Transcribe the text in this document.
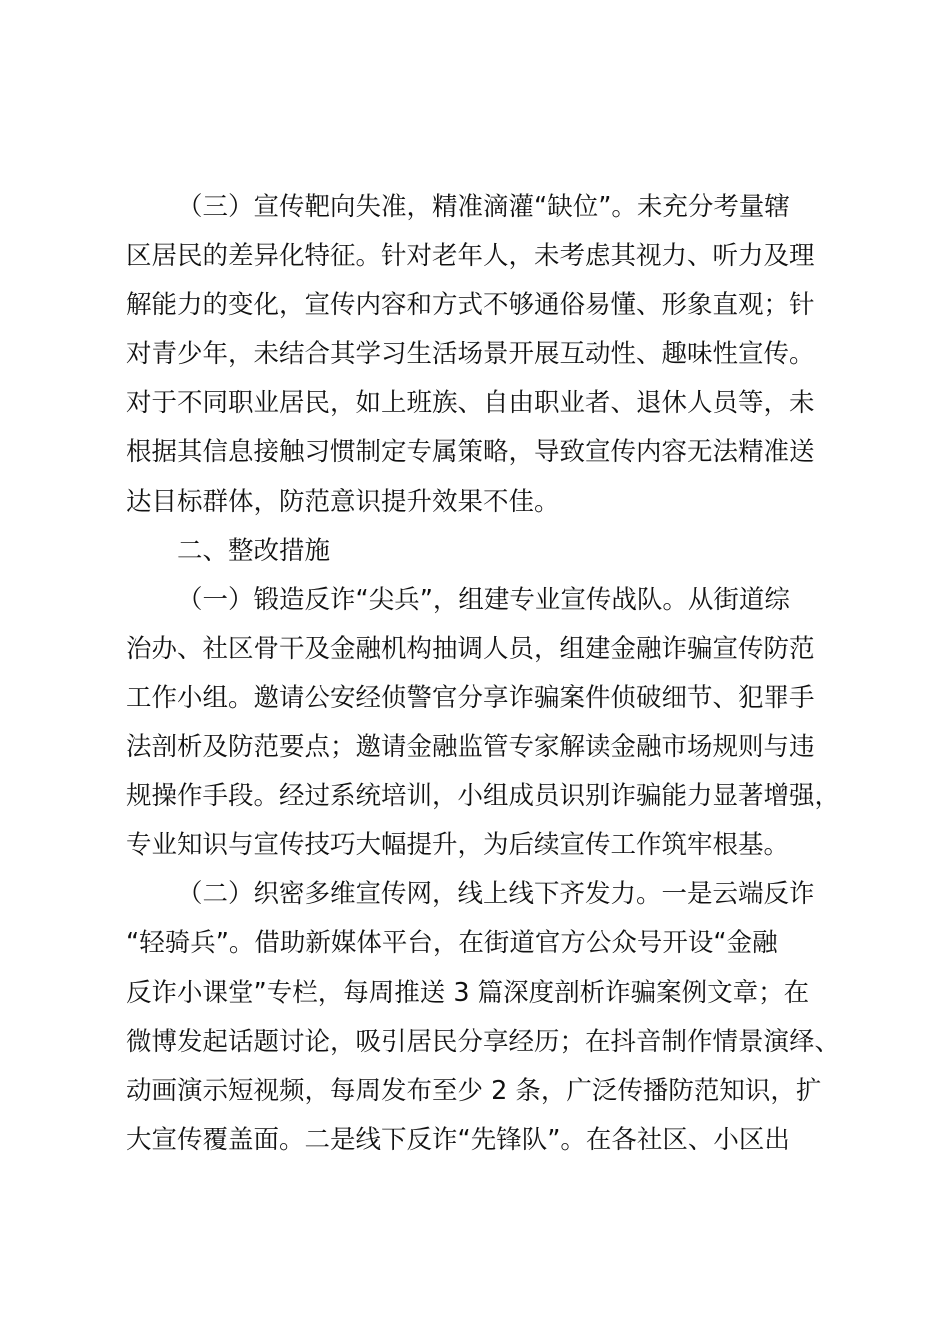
（三）宣传靶向失准，精准滴灌“缺位”。未充分考量辖
区居民的差异化特征。针对老年人，未考虑其视力、听力及理
解能力的变化，宣传内容和方式不够通俗易懂、形象直观；针
对青少年，未结合其学习生活场景开展互动性、趣味性宣传。
对于不同职业居民，如上班族、自由职业者、退休人员等，未
根据其信息接触习惯制定专属策略，导致宣传内容无法精准送
达目标群体，防范意识提升效果不佳。
二、整改措施
（一）锻造反诈“尖兵”，组建专业宣传战队。从街道综
治办、社区骨干及金融机构抽调人员，组建金融诈骗宣传防范
工作小组。邀请公安经侦警官分享诈骗案件侦破细节、犯罪手
法剖析及防范要点；邀请金融监管专家解读金融市场规则与违
规操作手段。经过系统培训，小组成员识别诈骗能力显著增强，
专业知识与宣传技巧大幅提升，为后续宣传工作筑牢根基。
（二）织密多维宣传网，线上线下齐发力。一是云端反诈
“轻骑兵”。借助新媒体平台，在街道官方公众号开设“金融
反诈小课堂”专栏，每周推送 3 篇深度剖析诈骗案例文章；在
微博发起话题讨论，吸引居民分享经历；在抖音制作情景演绎、
动画演示短视频，每周发布至少 2 条，广泛传播防范知识，扩
大宣传覆盖面。二是线下反诈“先锋队”。在各社区、小区出
